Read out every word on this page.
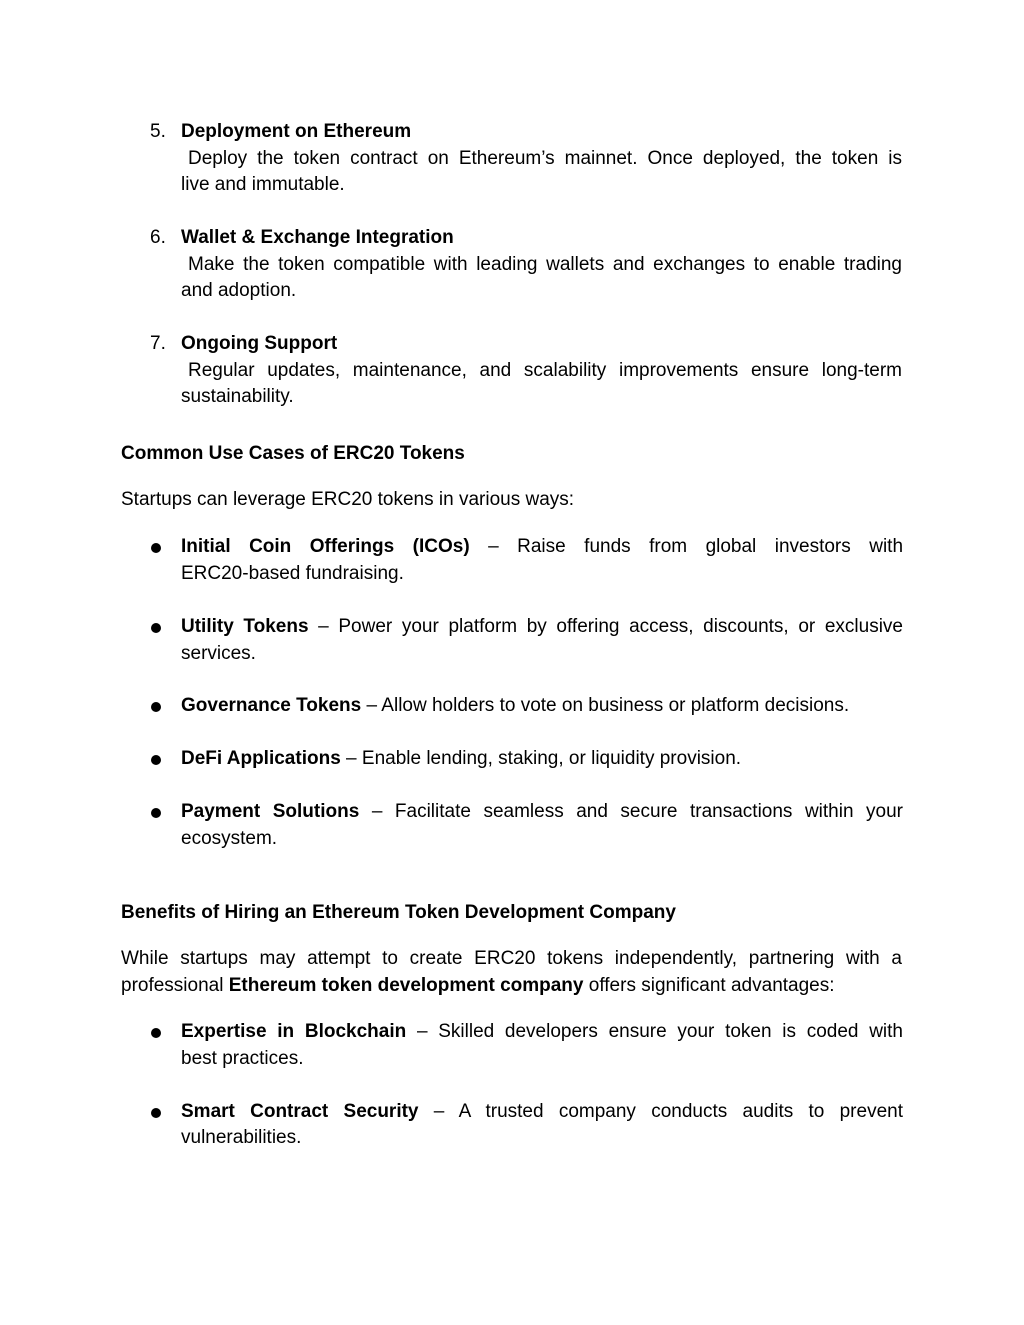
5. Deployment on Ethereum
Deploy the token contract on Ethereum’s mainnet. Once deployed, the token is
live and immutable.
6. Wallet & Exchange Integration
Make the token compatible with leading wallets and exchanges to enable trading
and adoption.
7. Ongoing Support
Regular updates, maintenance, and scalability improvements ensure long-term
sustainability.
Common Use Cases of ERC20 Tokens

Startups can leverage ERC20 tokens in various ways:

Initial Coin Offerings (ICOs) – Raise funds from global investors with
ERC20-based fundraising.
Utility Tokens – Power your platform by offering access, discounts, or exclusive
services.
Governance Tokens – Allow holders to vote on business or platform decisions.
DeFi Applications – Enable lending, staking, or liquidity provision.
Payment Solutions – Facilitate seamless and secure transactions within your
ecosystem.
Benefits of Hiring an Ethereum Token Development Company

While startups may attempt to create ERC20 tokens independently, partnering with a

professional Ethereum token development company offers significant advantages:

Expertise in Blockchain – Skilled developers ensure your token is coded with
best practices.
Smart Contract Security – A trusted company conducts audits to prevent
vulnerabilities.
